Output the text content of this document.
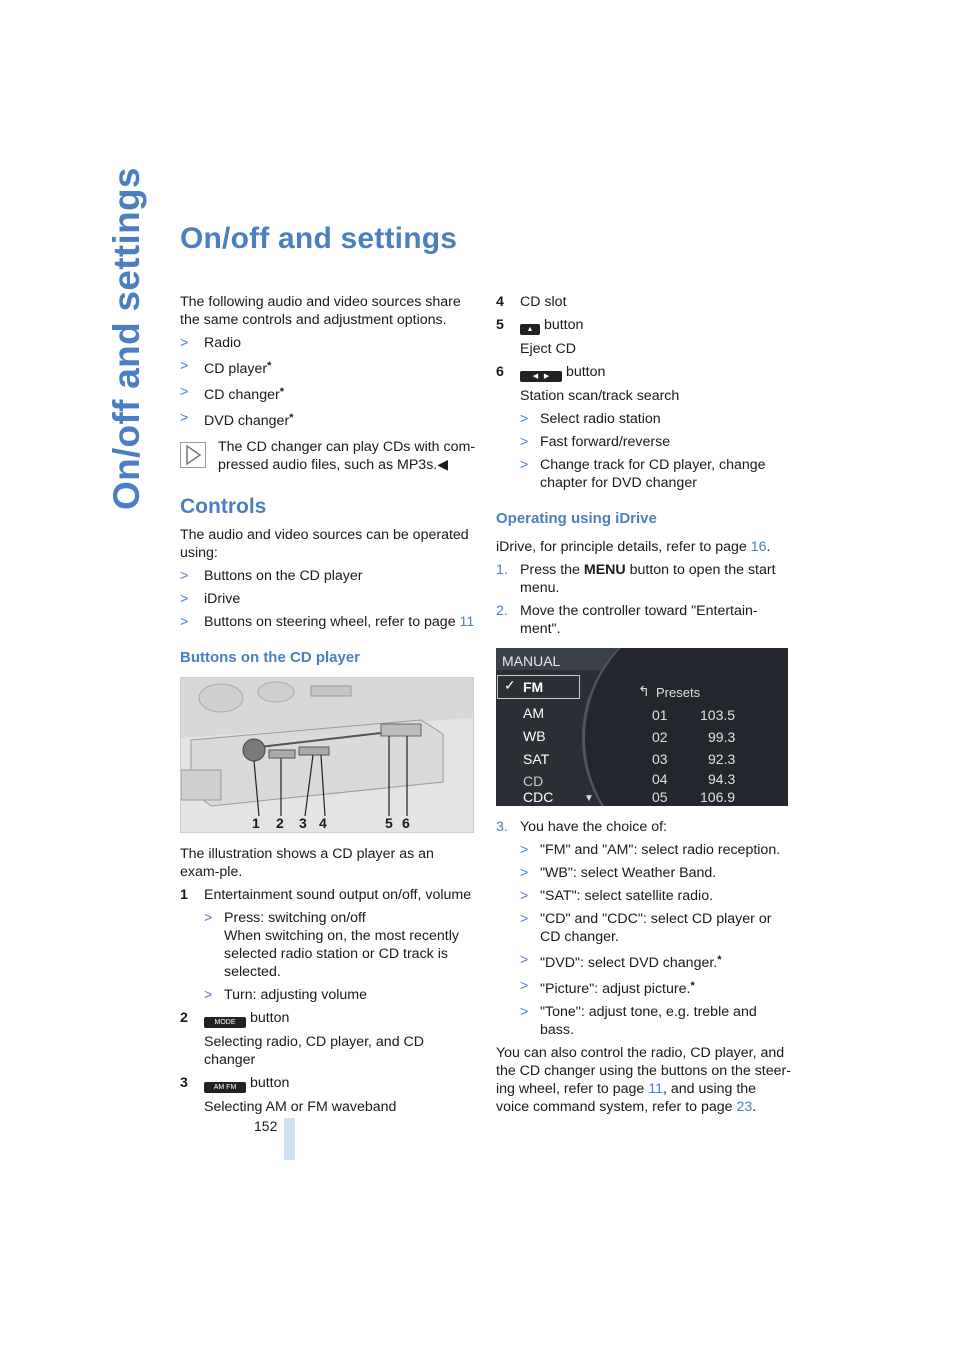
On/off and settings On/off and settings

The following audio and video sources share the same controls and adjustment options.

> Radio
> CD player*
> CD changer*
> DVD changer*
The CD changer can play CDs with com-pressed audio files, such as MP3s.◀
Controls

The audio and video sources can be operated using:

> Buttons on the CD player
> iDrive
> Buttons on steering wheel, refer to page 11
Buttons on the CD player
1 2 3 4	5 6

The illustration shows a CD player as an exam-ple.

1 Entertainment sound output on/off, volume
> Press: switching on/off
When switching on, the most recently selected radio station or CD track is selected.
> Turn: adjusting volume
2	MODE button

Selecting radio, CD player, and CD changer

3	AM FM button

Selecting AM or FM waveband

4 CD slot
5	▲ button

Eject CD

6	◀   ▶ button

Station scan/track search

> Select radio station
> Fast forward/reverse
> Change track for CD player, change chapter for DVD changer
Operating using iDrive

iDrive, for principle details, refer to page 16.

1. Press the MENU button to open the start menu.
2. Move the controller toward "Entertain-ment".
MANUAL
✓ FM
AM
WB
SAT
CD
CDC	▼
↰ Presets
01 103.5
02	99.3
03	92.3
04	94.3
05 106.9
3. You have the choice of:
> "FM" and "AM": select radio reception.
> "WB": select Weather Band.
> "SAT": select satellite radio.
> "CD" and "CDC": select CD player or CD changer.
> "DVD": select DVD changer.*
> "Picture": adjust picture.*
> "Tone": adjust tone, e.g. treble and bass.

You can also control the radio, CD player, and the CD changer using the buttons on the steer-ing wheel, refer to page 11, and using the voice command system, refer to page 23.

152
